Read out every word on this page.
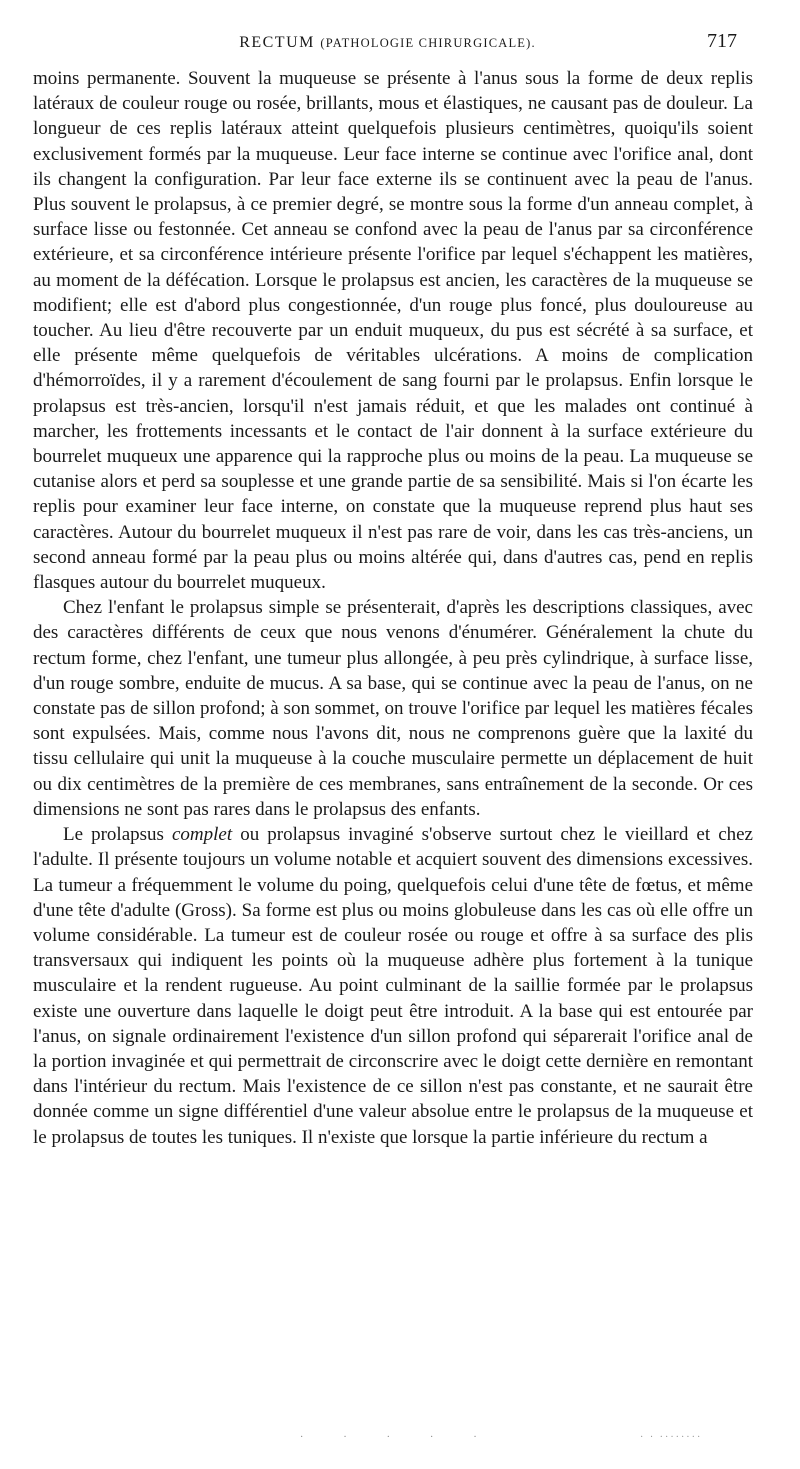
RECTUM (PATHOLOGIE CHIRURGICALE).	717

moins permanente. Souvent la muqueuse se présente à l'anus sous la forme de deux replis latéraux de couleur rouge ou rosée, brillants, mous et élastiques, ne causant pas de douleur. La longueur de ces replis latéraux atteint quelquefois plusieurs centimètres, quoiqu'ils soient exclusivement formés par la muqueuse. Leur face interne se continue avec l'orifice anal, dont ils changent la configuration. Par leur face externe ils se continuent avec la peau de l'anus. Plus souvent le prolapsus, à ce premier degré, se montre sous la forme d'un anneau complet, à surface lisse ou festonnée. Cet anneau se confond avec la peau de l'anus par sa circonférence extérieure, et sa circonférence intérieure présente l'orifice par lequel s'échappent les matières, au moment de la défécation. Lorsque le prolapsus est ancien, les caractères de la muqueuse se modifient; elle est d'abord plus congestionnée, d'un rouge plus foncé, plus douloureuse au toucher. Au lieu d'être recouverte par un enduit muqueux, du pus est sécrété à sa surface, et elle présente même quelquefois de véritables ulcérations. A moins de complication d'hémorroïdes, il y a rarement d'écoulement de sang fourni par le prolapsus. Enfin lorsque le prolapsus est très-ancien, lorsqu'il n'est jamais réduit, et que les malades ont continué à marcher, les frottements incessants et le contact de l'air donnent à la surface extérieure du bourrelet muqueux une apparence qui la rapproche plus ou moins de la peau. La muqueuse se cutanise alors et perd sa souplesse et une grande partie de sa sensibilité. Mais si l'on écarte les replis pour examiner leur face interne, on constate que la muqueuse reprend plus haut ses caractères. Autour du bourrelet muqueux il n'est pas rare de voir, dans les cas très-anciens, un second anneau formé par la peau plus ou moins altérée qui, dans d'autres cas, pend en replis flasques autour du bourrelet muqueux.

Chez l'enfant le prolapsus simple se présenterait, d'après les descriptions classiques, avec des caractères différents de ceux que nous venons d'énumérer. Généralement la chute du rectum forme, chez l'enfant, une tumeur plus allongée, à peu près cylindrique, à surface lisse, d'un rouge sombre, enduite de mucus. A sa base, qui se continue avec la peau de l'anus, on ne constate pas de sillon profond; à son sommet, on trouve l'orifice par lequel les matières fécales sont expulsées. Mais, comme nous l'avons dit, nous ne comprenons guère que la laxité du tissu cellulaire qui unit la muqueuse à la couche musculaire permette un déplacement de huit ou dix centimètres de la première de ces membranes, sans entraînement de la seconde. Or ces dimensions ne sont pas rares dans le prolapsus des enfants.

Le prolapsus complet ou prolapsus invaginé s'observe surtout chez le vieillard et chez l'adulte. Il présente toujours un volume notable et acquiert souvent des dimensions excessives. La tumeur a fréquemment le volume du poing, quelquefois celui d'une tête de fœtus, et même d'une tête d'adulte (Gross). Sa forme est plus ou moins globuleuse dans les cas où elle offre un volume considérable. La tumeur est de couleur rosée ou rouge et offre à sa surface des plis transversaux qui indiquent les points où la muqueuse adhère plus fortement à la tunique musculaire et la rendent rugueuse. Au point culminant de la saillie formée par le prolapsus existe une ouverture dans laquelle le doigt peut être introduit. A la base qui est entourée par l'anus, on signale ordinairement l'existence d'un sillon profond qui séparerait l'orifice anal de la portion invaginée et qui permettrait de circonscrire avec le doigt cette dernière en remontant dans l'intérieur du rectum. Mais l'existence de ce sillon n'est pas constante, et ne saurait être donnée comme un signe différentiel d'une valeur absolue entre le prolapsus de la muqueuse et le prolapsus de toutes les tuniques. Il n'existe que lorsque la partie inférieure du rectum a

·····	· · ········
